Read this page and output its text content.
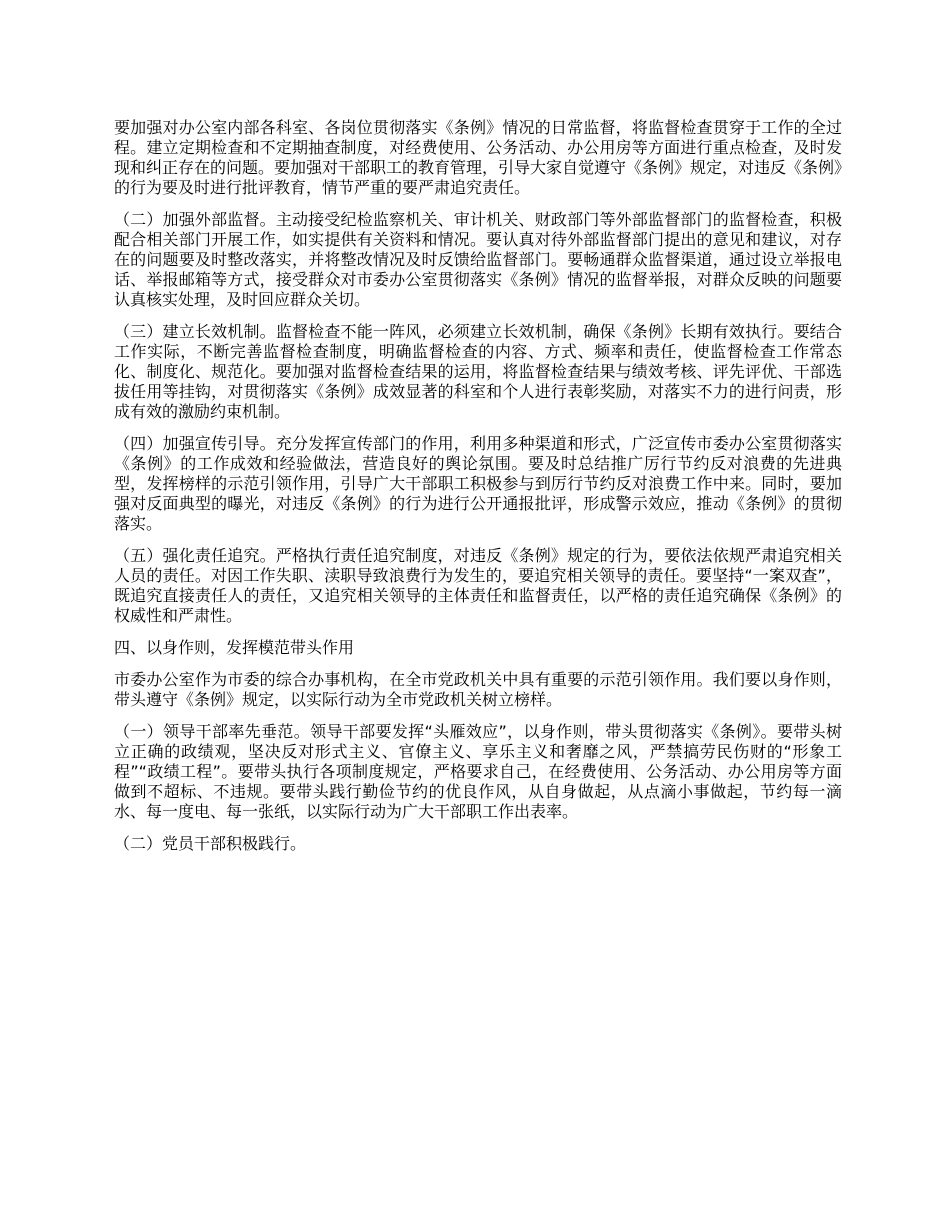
要加强对办公室内部各科室、各岗位贯彻落实《条例》情况的日常监督，将监督检查贯穿于工作的全过程。建立定期检查和不定期抽查制度，对经费使用、公务活动、办公用房等方面进行重点检查，及时发现和纠正存在的问题。要加强对干部职工的教育管理，引导大家自觉遵守《条例》规定，对违反《条例》的行为要及时进行批评教育，情节严重的要严肃追究责任。

（二）加强外部监督。主动接受纪检监察机关、审计机关、财政部门等外部监督部门的监督检查，积极配合相关部门开展工作，如实提供有关资料和情况。要认真对待外部监督部门提出的意见和建议，对存在的问题要及时整改落实，并将整改情况及时反馈给监督部门。要畅通群众监督渠道，通过设立举报电话、举报邮箱等方式，接受群众对市委办公室贯彻落实《条例》情况的监督举报，对群众反映的问题要认真核实处理，及时回应群众关切。

（三）建立长效机制。监督检查不能一阵风，必须建立长效机制，确保《条例》长期有效执行。要结合工作实际，不断完善监督检查制度，明确监督检查的内容、方式、频率和责任，使监督检查工作常态化、制度化、规范化。要加强对监督检查结果的运用，将监督检查结果与绩效考核、评先评优、干部选拔任用等挂钩，对贯彻落实《条例》成效显著的科室和个人进行表彰奖励，对落实不力的进行问责，形成有效的激励约束机制。

（四）加强宣传引导。充分发挥宣传部门的作用，利用多种渠道和形式，广泛宣传市委办公室贯彻落实《条例》的工作成效和经验做法，营造良好的舆论氛围。要及时总结推广厉行节约反对浪费的先进典型，发挥榜样的示范引领作用，引导广大干部职工积极参与到厉行节约反对浪费工作中来。同时，要加强对反面典型的曝光，对违反《条例》的行为进行公开通报批评，形成警示效应，推动《条例》的贯彻落实。

（五）强化责任追究。严格执行责任追究制度，对违反《条例》规定的行为，要依法依规严肃追究相关人员的责任。对因工作失职、渎职导致浪费行为发生的，要追究相关领导的责任。要坚持“一案双查”，既追究直接责任人的责任，又追究相关领导的主体责任和监督责任，以严格的责任追究确保《条例》的权威性和严肃性。

四、以身作则，发挥模范带头作用

市委办公室作为市委的综合办事机构，在全市党政机关中具有重要的示范引领作用。我们要以身作则，带头遵守《条例》规定，以实际行动为全市党政机关树立榜样。

（一）领导干部率先垂范。领导干部要发挥“头雁效应”，以身作则，带头贯彻落实《条例》。要带头树立正确的政绩观，坚决反对形式主义、官僚主义、享乐主义和奢靡之风，严禁搞劳民伤财的“形象工程”“政绩工程”。要带头执行各项制度规定，严格要求自己，在经费使用、公务活动、办公用房等方面做到不超标、不违规。要带头践行勤俭节约的优良作风，从自身做起，从点滴小事做起，节约每一滴水、每一度电、每一张纸，以实际行动为广大干部职工作出表率。

（二）党员干部积极践行。
